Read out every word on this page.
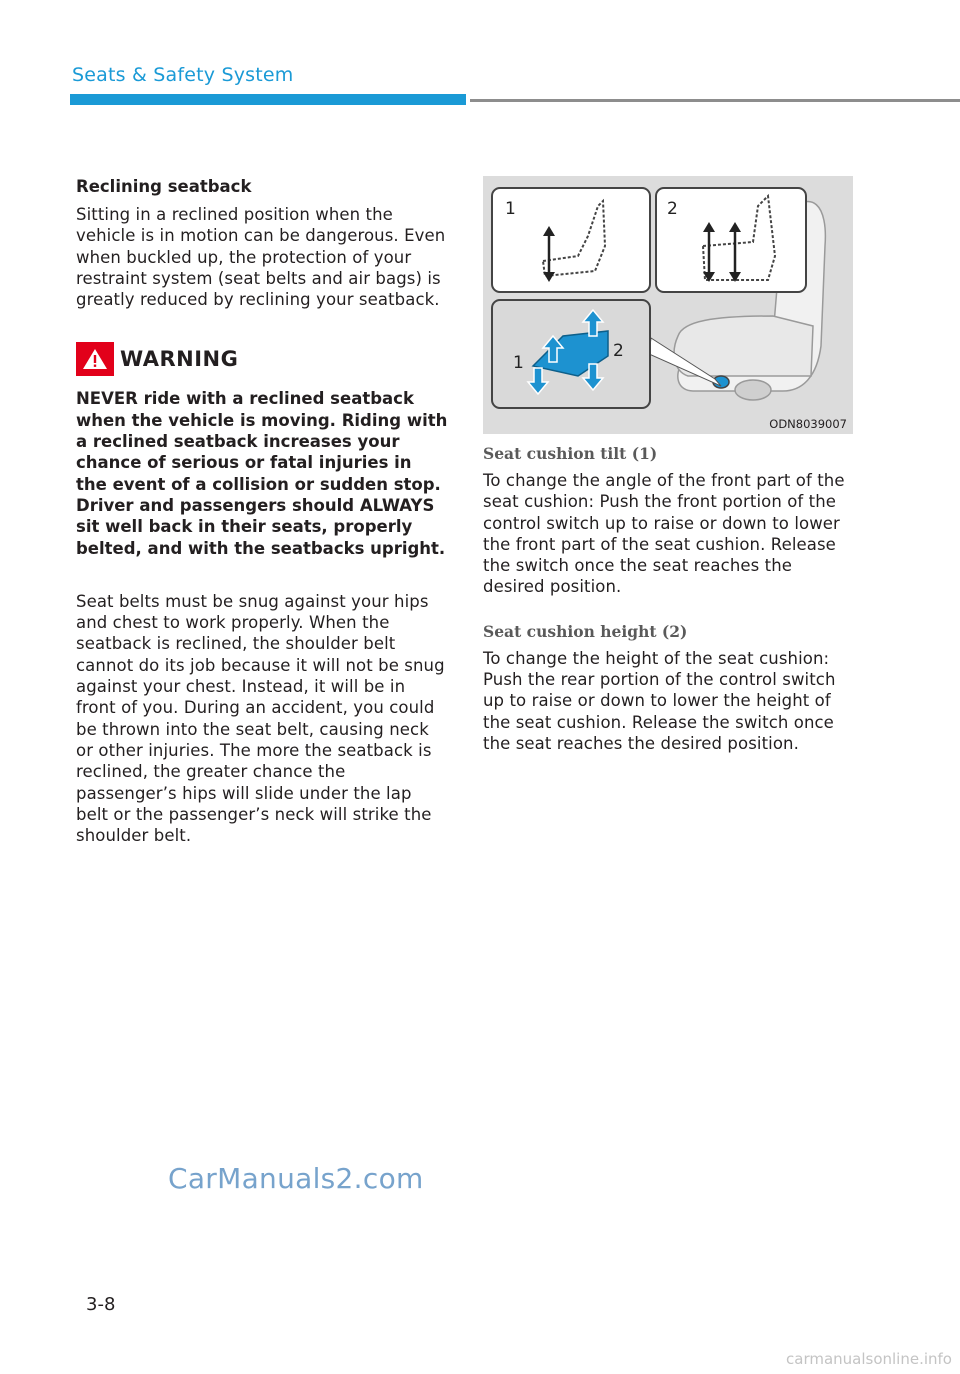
Seats & Safety System

Reclining seatback

Sitting in a reclined position when the vehicle is in motion can be dangerous. Even when buckled up, the protection of your restraint system (seat belts and air bags) is greatly reduced by reclining your seatback.

WARNING

NEVER ride with a reclined seatback when the vehicle is moving. Riding with a reclined seatback increases your chance of serious or fatal injuries in the event of a collision or sudden stop. Driver and passengers should ALWAYS sit well back in their seats, properly belted, and with the seatbacks upright.

Seat belts must be snug against your hips and chest to work properly. When the seatback is reclined, the shoulder belt cannot do its job because it will not be snug against your chest. Instead, it will be in front of you. During an accident, you could be thrown into the seat belt, causing neck or other injuries. The more the seatback is reclined, the greater chance the passenger’s hips will slide under the lap belt or the passenger’s neck will strike the shoulder belt.

1	2
1
2
ODN8039007

Seat cushion tilt (1)

To change the angle of the front part of the seat cushion: Push the front portion of the control switch up to raise or down to lower the front part of the seat cushion. Release the switch once the seat reaches the desired position.

Seat cushion height (2)

To change the height of the seat cushion: Push the rear portion of the control switch up to raise or down to lower the height of the seat cushion. Release the switch once the seat reaches the desired position.

CarManuals2.com
3-8
carmanualsonline.info
